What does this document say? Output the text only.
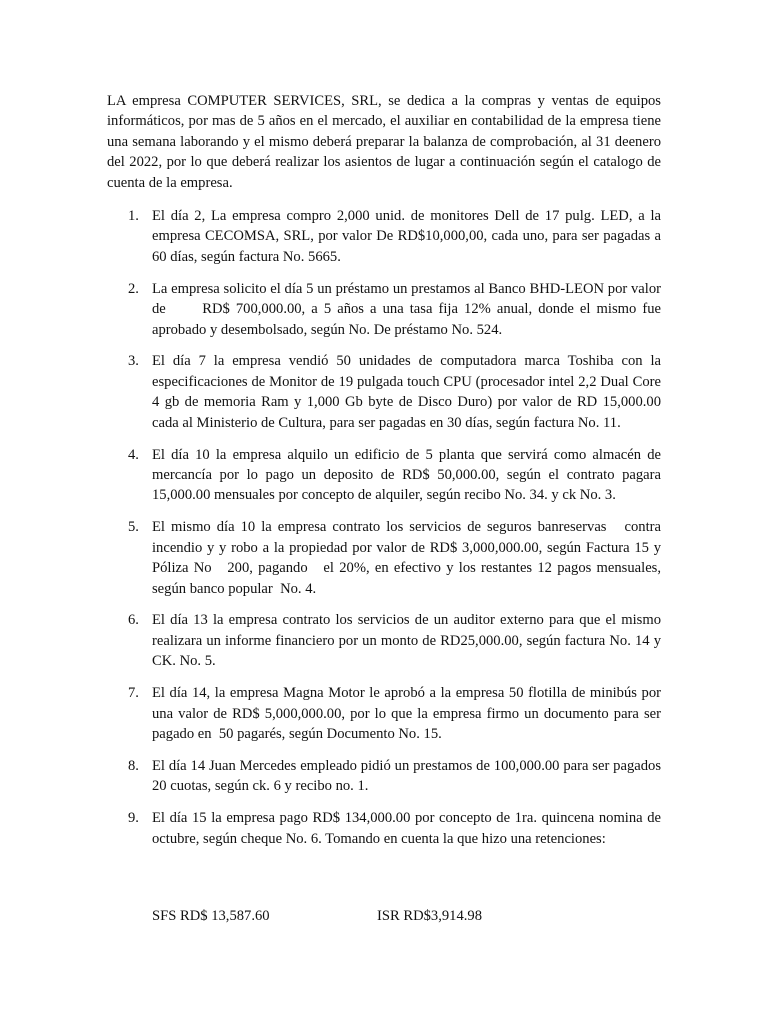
LA empresa COMPUTER SERVICES, SRL, se dedica a la compras y ventas de equipos informáticos, por mas de 5 años en el mercado, el auxiliar en contabilidad de la empresa tiene una semana laborando y el mismo deberá preparar la balanza de comprobación, al 31 deenero del 2022, por lo que deberá realizar los asientos de lugar a continuación según el catalogo de cuenta de la empresa.

1. El día 2, La empresa compro 2,000 unid. de monitores Dell de 17 pulg. LED, a la empresa CECOMSA, SRL, por valor De RD$10,000,00, cada uno, para ser pagadas a 60 días, según factura No. 5665.
2. La empresa solicito el día 5 un préstamo un prestamos al Banco BHD-LEON por valor de      RD$ 700,000.00, a 5 años a una tasa fija 12% anual, donde el mismo fue aprobado y desembolsado, según No. De préstamo No. 524.
3. El día 7 la empresa vendió 50 unidades de computadora marca Toshiba con la especificaciones de Monitor de 19 pulgada touch CPU (procesador intel 2,2 Dual Core 4 gb de memoria Ram y 1,000 Gb byte de Disco Duro) por valor de RD 15,000.00 cada al Ministerio de Cultura, para ser pagadas en 30 días, según factura No. 11.
4. El día 10 la empresa alquilo un edificio de 5 planta que servirá como almacén de mercancía por lo pago un deposito de RD$ 50,000.00, según el contrato pagara 15,000.00 mensuales por concepto de alquiler, según recibo No. 34. y ck No. 3.
5. El mismo día 10 la empresa contrato los servicios de seguros banreservas   contra incendio y y robo a la propiedad por valor de RD$ 3,000,000.00, según Factura 15 y Póliza No   200, pagando   el 20%, en efectivo y los restantes 12 pagos mensuales, según banco popular  No. 4.
6. El día 13 la empresa contrato los servicios de un auditor externo para que el mismo realizara un informe financiero por un monto de RD25,000.00, según factura No. 14 y    CK. No. 5.
7. El día 14, la empresa Magna Motor le aprobó a la empresa 50 flotilla de minibús por una valor de RD$ 5,000,000.00, por lo que la empresa firmo un documento para ser pagado en  50 pagarés, según Documento No. 15.
8. El día 14 Juan Mercedes empleado pidió un prestamos de 100,000.00 para ser pagados 20 cuotas, según ck. 6 y recibo no. 1.
9. El día 15 la empresa pago RD$ 134,000.00 por concepto de 1ra. quincena nomina de octubre, según cheque No. 6. Tomando en cuenta la que hizo una retenciones:
SFS RD$ 13,587.60	ISR RD$3,914.98
